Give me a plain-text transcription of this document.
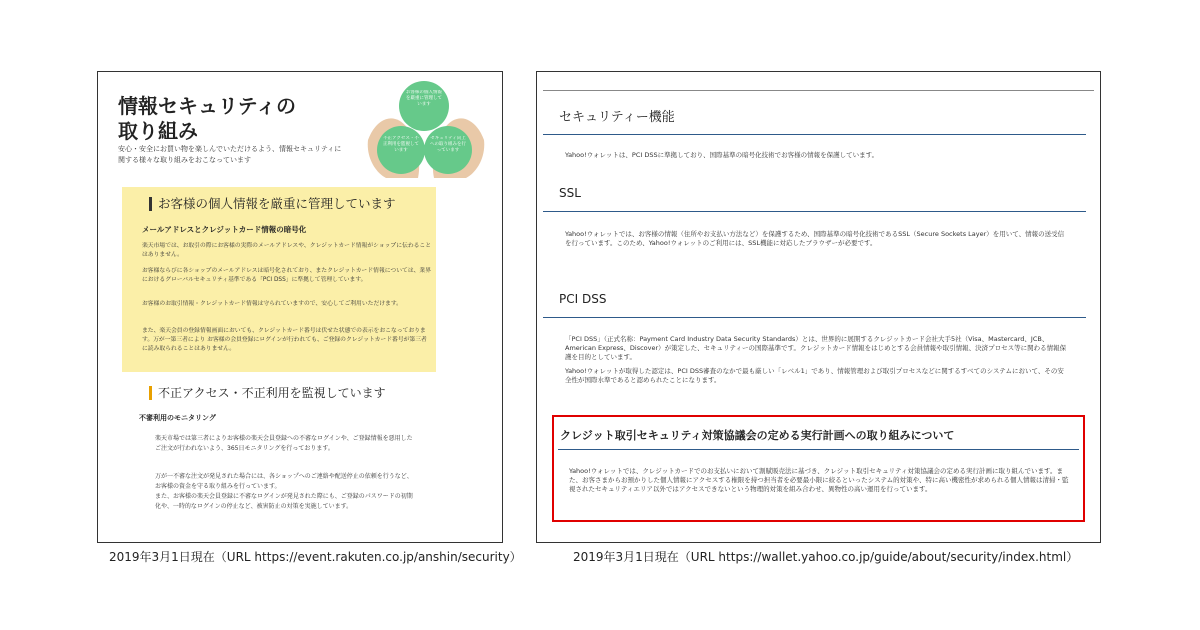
情報セキュリティの
取り組み
安心・安全にお買い物を楽しんでいただけるよう、情報セキュリティに関する様々な取り組みをおこなっています
お客様の個人情報を厳重に管理しています
不正アクセス・不正利用を監視しています
セキュリティ向上への取り組みを行っています
お客様の個人情報を厳重に管理しています
メールアドレスとクレジットカード情報の暗号化
楽天市場では、お取引の際にお客様の実際のメールアドレスや、クレジットカード情報がショップに伝わることはありません。
お客様ならびに各ショップのメールアドレスは暗号化されており、またクレジットカード情報については、業界におけるグローバルセキュリティ基準である「PCI DSS」に準拠して管理しています。
お客様のお取引情報・クレジットカード情報は守られていますので、安心してご利用いただけます。
また、楽天会員の登録情報画面においても、クレジットカード番号は伏せた状態での表示をおこなっております。万が一第三者により お客様の会員登録にログインが行われても、ご登録のクレジットカード番号が第三者に読み取られることはありません。
不正アクセス・不正利用を監視しています
不審利用のモニタリング
楽天市場では第三者によりお客様の楽天会員登録への不審なログインや、ご登録情報を悪用したご注文が行われないよう、365日モニタリングを行っております。
万が一不審な注文が発見された場合には、各ショップへのご連絡や配送停止の依頼を行うなど、お客様の資金を守る取り組みを行っています。
また、お客様の楽天会員登録に不審なログインが発見された際にも、ご登録のパスワードの初期化や、一時的なログインの停止など、被害防止の対策を実施しています。
2019年3月1日現在（URL https://event.rakuten.co.jp/anshin/security）
セキュリティー機能
Yahoo!ウォレットは、PCI DSSに準拠しており、国際基準の暗号化技術でお客様の情報を保護しています。
SSL
Yahoo!ウォレットでは、お客様の情報（住所やお支払い方法など）を保護するため、国際基準の暗号化技術であるSSL（Secure Sockets Layer）を用いて、情報の送受信を行っています。このため、Yahoo!ウォレットのご利用には、SSL機能に対応したブラウザーが必要です。
PCI DSS
「PCI DSS」（正式名称：Payment Card Industry Data Security Standards）とは、世界的に展開するクレジットカード会社大手5社（Visa、Mastercard、JCB、American Express、Discover）が策定した、セキュリティーの国際基準です。クレジットカード情報をはじめとする会員情報や取引情報、決済プロセス等に関わる情報保護を目的としています。
Yahoo!ウォレットが取得した認定は、PCI DSS審査のなかで最も厳しい「レベル1」であり、情報管理および取引プロセスなどに関するすべてのシステムにおいて、その安全性が国際水準であると認められたことになります。
クレジット取引セキュリティ対策協議会の定める実行計画への取り組みについて
Yahoo!ウォレットでは、クレジットカードでのお支払いにおいて割賦販売法に基づき、クレジット取引セキュリティ対策協議会の定める実行計画に取り組んでいます。また、お客さまからお預かりした個人情報にアクセスする権限を持つ担当者を必要最小限に絞るといったシステム的対策や、特に高い機密性が求められる個人情報は清掃・監視されたセキュリティエリア以外ではアクセスできないという物理的対策を組み合わせ、異物性の高い運用を行っています。
2019年3月1日現在（URL https://wallet.yahoo.co.jp/guide/about/security/index.html）
